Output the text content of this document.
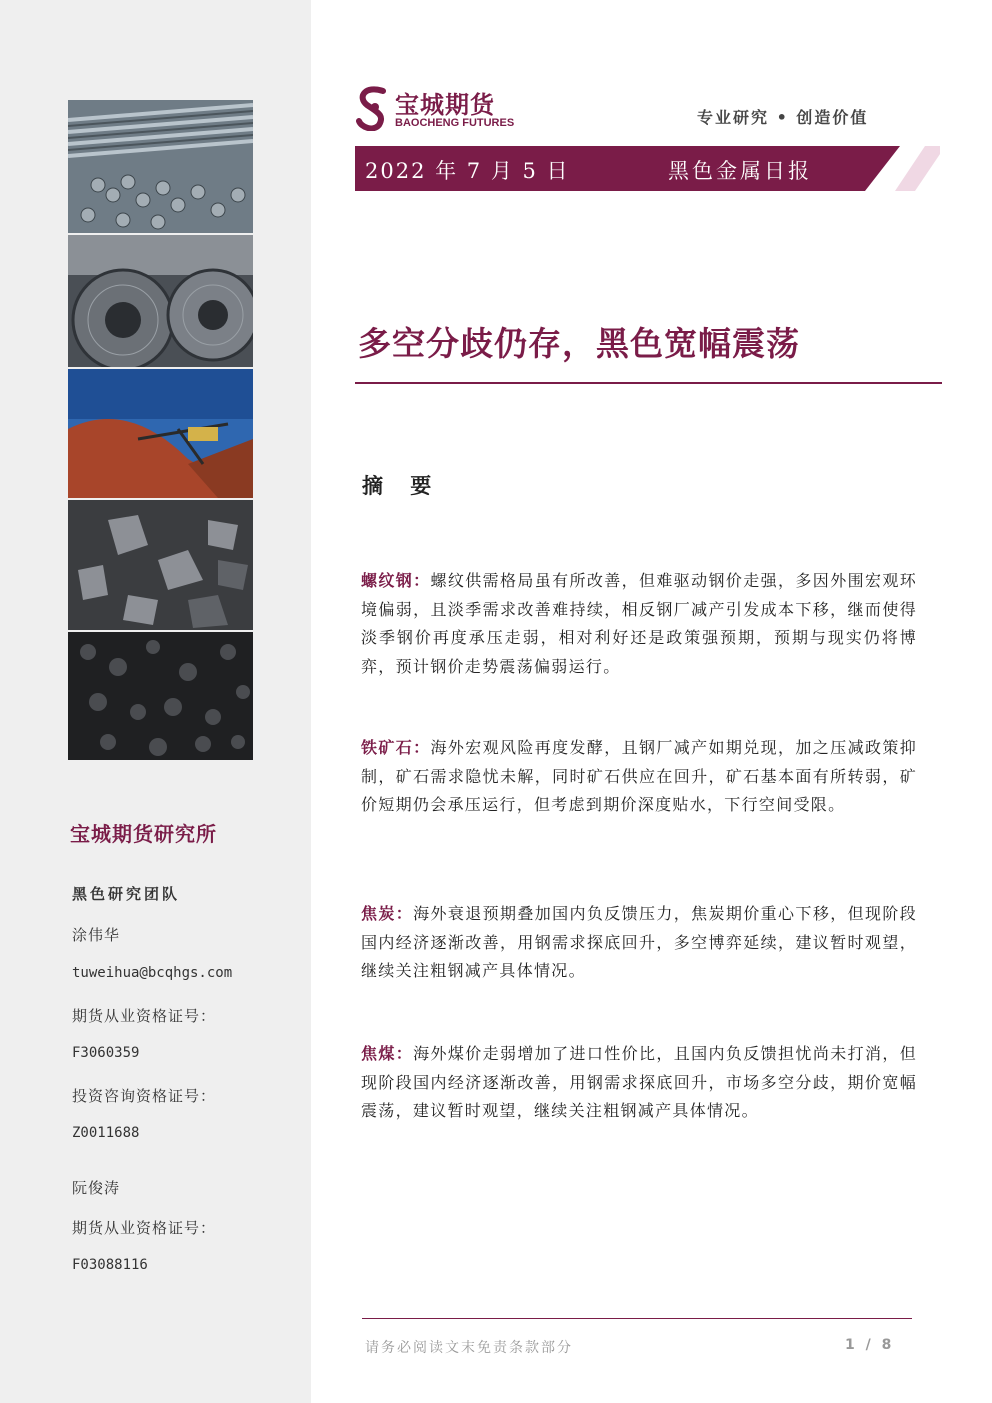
宝城期货研究所
黑色研究团队
涂伟华
tuweihua@bcqhgs.com
期货从业资格证号：
F3060359
投资咨询资格证号：
Z0011688
阮俊涛
期货从业资格证号：
F03088116
宝城期货
BAOCHENG FUTURES	专业研究 • 创造价值
2022 年 7 月 5 日	黑色金属日报
多空分歧仍存，黑色宽幅震荡
摘 要
螺纹钢：螺纹供需格局虽有所改善，但难驱动钢价走强，多因外围宏观环境偏弱，且淡季需求改善难持续，相反钢厂减产引发成本下移，继而使得淡季钢价再度承压走弱，相对利好还是政策强预期，预期与现实仍将博弈，预计钢价走势震荡偏弱运行。
铁矿石：海外宏观风险再度发酵，且钢厂减产如期兑现，加之压减政策抑制，矿石需求隐忧未解，同时矿石供应在回升，矿石基本面有所转弱，矿价短期仍会承压运行，但考虑到期价深度贴水，下行空间受限。
焦炭：海外衰退预期叠加国内负反馈压力，焦炭期价重心下移，但现阶段国内经济逐渐改善，用钢需求探底回升，多空博弈延续，建议暂时观望，继续关注粗钢减产具体情况。
焦煤：海外煤价走弱增加了进口性价比，且国内负反馈担忧尚未打消，但现阶段国内经济逐渐改善，用钢需求探底回升，市场多空分歧，期价宽幅震荡，建议暂时观望，继续关注粗钢减产具体情况。
请务必阅读文末免责条款部分	1 / 8
